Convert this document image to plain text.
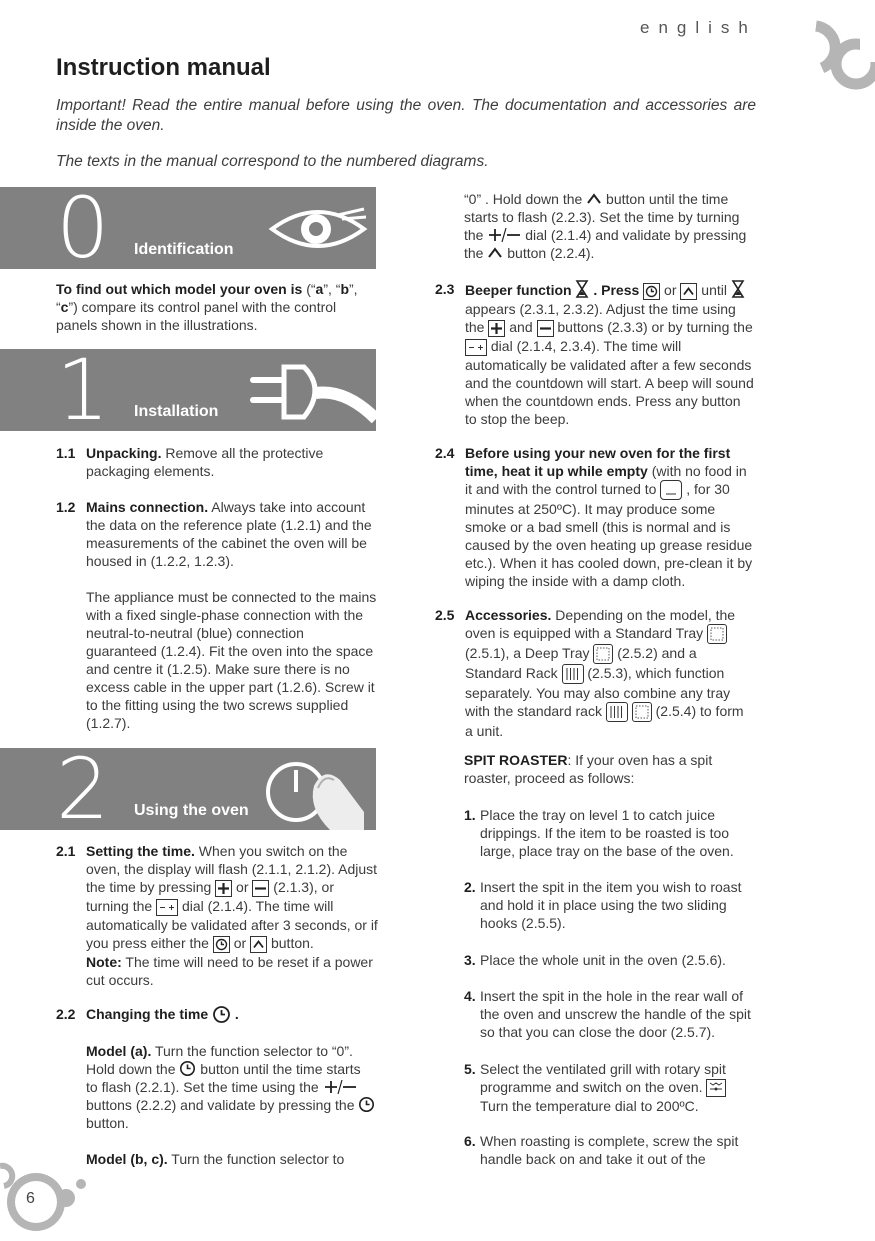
english
Instruction manual

Important! Read the entire manual before using the oven. The documentation and accessories are inside the oven.

The texts in the manual correspond to the numbered diagrams.

0 Identification
To find out which model your oven is (“a”, “b”, “c”) compare its control panel with the control panels shown in the illustrations.
1 Installation
1.1 Unpacking. Remove all the protective packaging elements.
1.2 Mains connection. Always take into account the data on the reference plate (1.2.1) and the measurements of the cabinet the oven will be housed in (1.2.2, 1.2.3).
The appliance must be connected to the mains with a fixed single-phase connection with the neutral-to-neutral (blue) connection guaranteed (1.2.4). Fit the oven into the space and centre it (1.2.5). Make sure there is no excess cable in the upper part (1.2.6). Screw it to the fitting using the two screws supplied (1.2.7).
2 Using the oven
2.1 Setting the time. When you switch on the oven, the display will flash (2.1.1, 2.1.2). Adjust the time by pressing  or  (2.1.3), or turning the  dial (2.1.4). The time will automatically be validated after 3 seconds, or if you press either the  or  button.
Note: The time will need to be reset if a power cut occurs.
2.2 Changing the time  .
Model (a). Turn the function selector to “0”. Hold down the  button until the time starts to flash (2.2.1). Set the time using the  buttons (2.2.2) and validate by pressing the  button.
Model (b, c). Turn the function selector to
“0” . Hold down the  button until the time starts to flash (2.2.3). Set the time by turning the  dial (2.1.4) and validate by pressing the  button (2.2.4).
2.3 Beeper function  . Press  or  until  appears (2.3.1, 2.3.2). Adjust the time using the  and  buttons (2.3.3) or by turning the  dial (2.1.4, 2.3.4). The time will automatically be validated after a few seconds and the countdown will start. A beep will sound when the countdown ends. Press any button to stop the beep.
2.4 Before using your new oven for the first time, heat it up while empty (with no food in it and with the control turned to  , for 30 minutes at 250ºC). It may produce some smoke or a bad smell (this is normal and is caused by the oven heating up grease residue etc.). When it has cooled down, pre-clean it by wiping the inside with a damp cloth.
2.5 Accessories. Depending on the model, the oven is equipped with a Standard Tray  (2.5.1), a Deep Tray  (2.5.2) and a Standard Rack  (2.5.3), which function separately. You may also combine any tray with the standard rack	(2.5.4) to form a unit.
SPIT ROASTER: If your oven has a spit roaster, proceed as follows:
1. Place the tray on level 1 to catch juice drippings. If the item to be roasted is too large, place tray on the base of the oven.
2. Insert the spit in the item you wish to roast and hold it in place using the two sliding hooks (2.5.5).
3. Place the whole unit in the oven (2.5.6).
4. Insert the spit in the hole in the rear wall of the oven and unscrew the handle of the spit so that you can close the door (2.5.7).
5. Select the ventilated grill with rotary spit programme and switch on the oven.  Turn the temperature dial to 200ºC.
6. When roasting is complete, screw the spit handle back on and take it out of the
6
